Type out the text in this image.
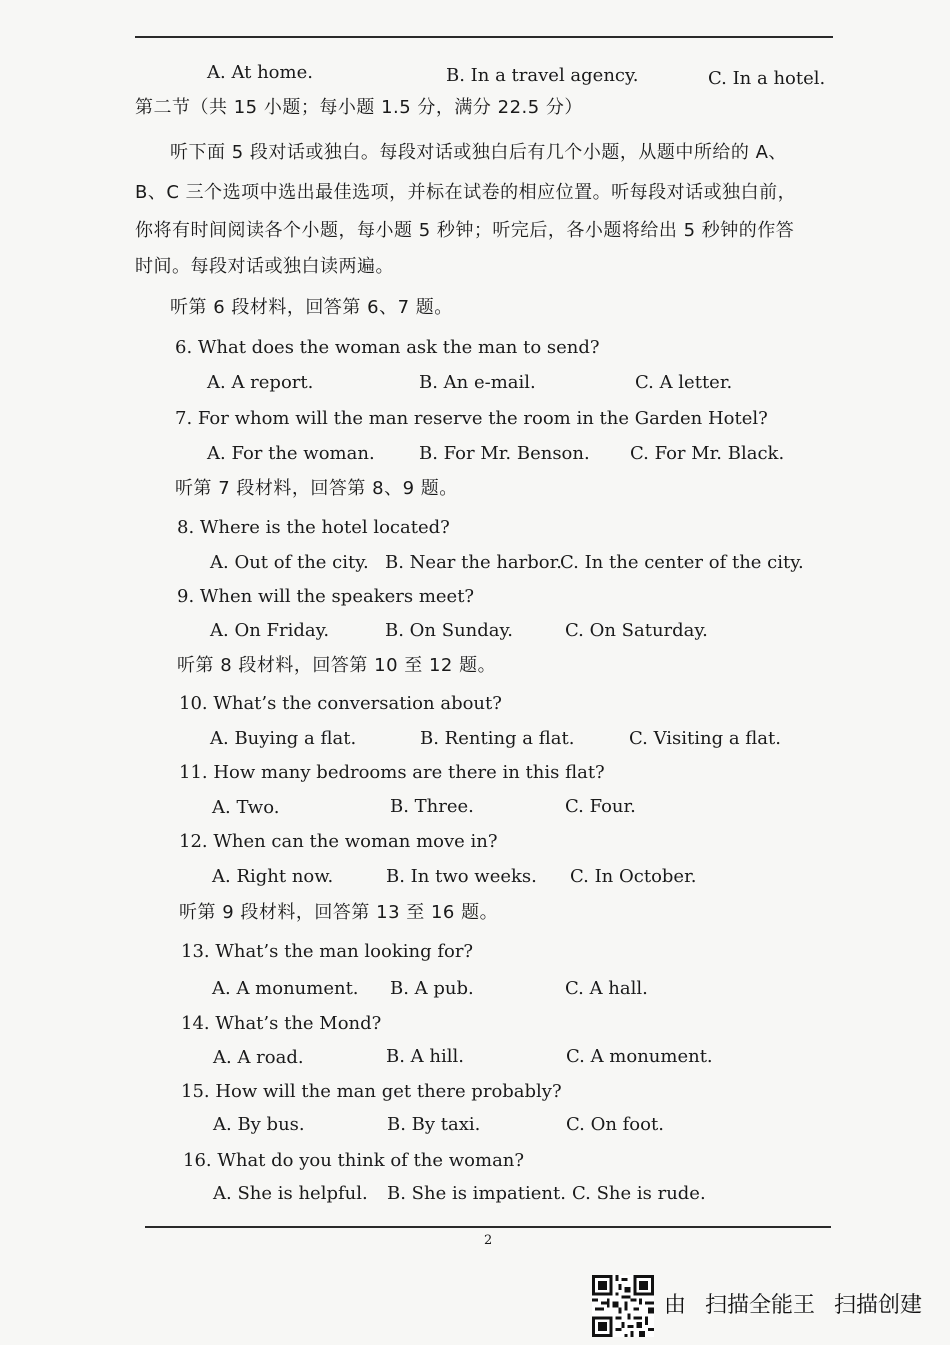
A. At home.	B. In a travel agency.	C. In a hotel.
第二节（共 15 小题；每小题 1.5 分，满分 22.5 分）
听下面 5 段对话或独白。每段对话或独白后有几个小题，从题中所给的 A、
B、C 三个选项中选出最佳选项，并标在试卷的相应位置。听每段对话或独白前，
你将有时间阅读各个小题，每小题 5 秒钟；听完后，各小题将给出 5 秒钟的作答
时间。每段对话或独白读两遍。
听第 6 段材料，回答第 6、7 题。
6. What does the woman ask the man to send?
A. A report.	B. An e-mail.	C. A letter.
7. For whom will the man reserve the room in the Garden Hotel?
A. For the woman. B. For Mr. Benson. C. For Mr. Black.
听第 7 段材料，回答第 8、9 题。
8. Where is the hotel located?
A. Out of the city. B. Near the harbor.
C. In the center of the city.
9. When will the speakers meet?
A. On Friday.	B. On Sunday.	C. On Saturday.
听第 8 段材料，回答第 10 至 12 题。
10. What’s the conversation about?
A. Buying a flat.	B. Renting a flat.	C. Visiting a flat.
11. How many bedrooms are there in this flat?
A. Two.	B. Three.	C. Four.
12. When can the woman move in?
A. Right now.	B. In two weeks. C. In October.
听第 9 段材料，回答第 13 至 16 题。
13. What’s the man looking for?
A. A monument. B. A pub.	C. A hall.
14. What’s the Mond?
A. A road.	B. A hill.	C. A monument.
15. How will the man get there probably?
A. By bus.	B. By taxi.	C. On foot.
16. What do you think of the woman?
A. She is helpful. B. She is impatient. C. She is rude.
2
由 扫描全能王 扫描创建
